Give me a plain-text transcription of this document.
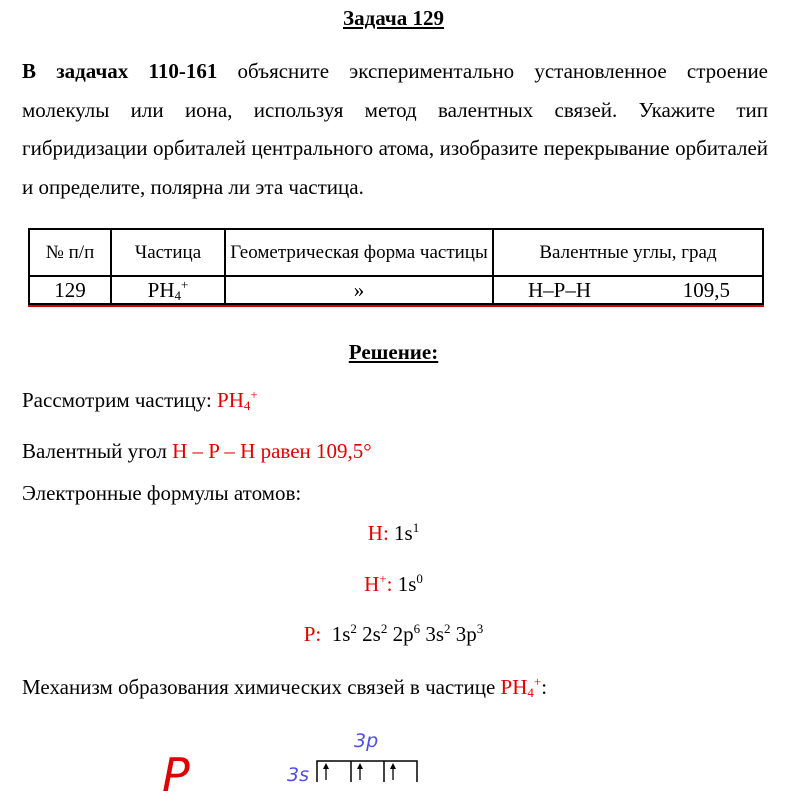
Задача 129
В задачах 110-161 объясните экспериментально установленное строение молекулы или иона, используя метод валентных связей. Укажите тип гибридизации орбиталей центрального атома, изобразите перекрывание орбиталей и определите, полярна ли эта частица.
№ п/п	Частица	Геометрическая форма частицы	Валентные углы, град
129	$PH_4^+$	»	H–P–H 109,5
Решение:
Рассмотрим частицу: $PH_4^+$
Валентный угол H – P – H равен 109,5°
Электронные формулы атомов:
H: $1s^1$
H+: $1s^0$
P: $1s^2$ $2s^2$ $2p^6$ $3s^2$ $3p^3$
Механизм образования химических связей в частице $PH_4^+$:
P
3p
3s
